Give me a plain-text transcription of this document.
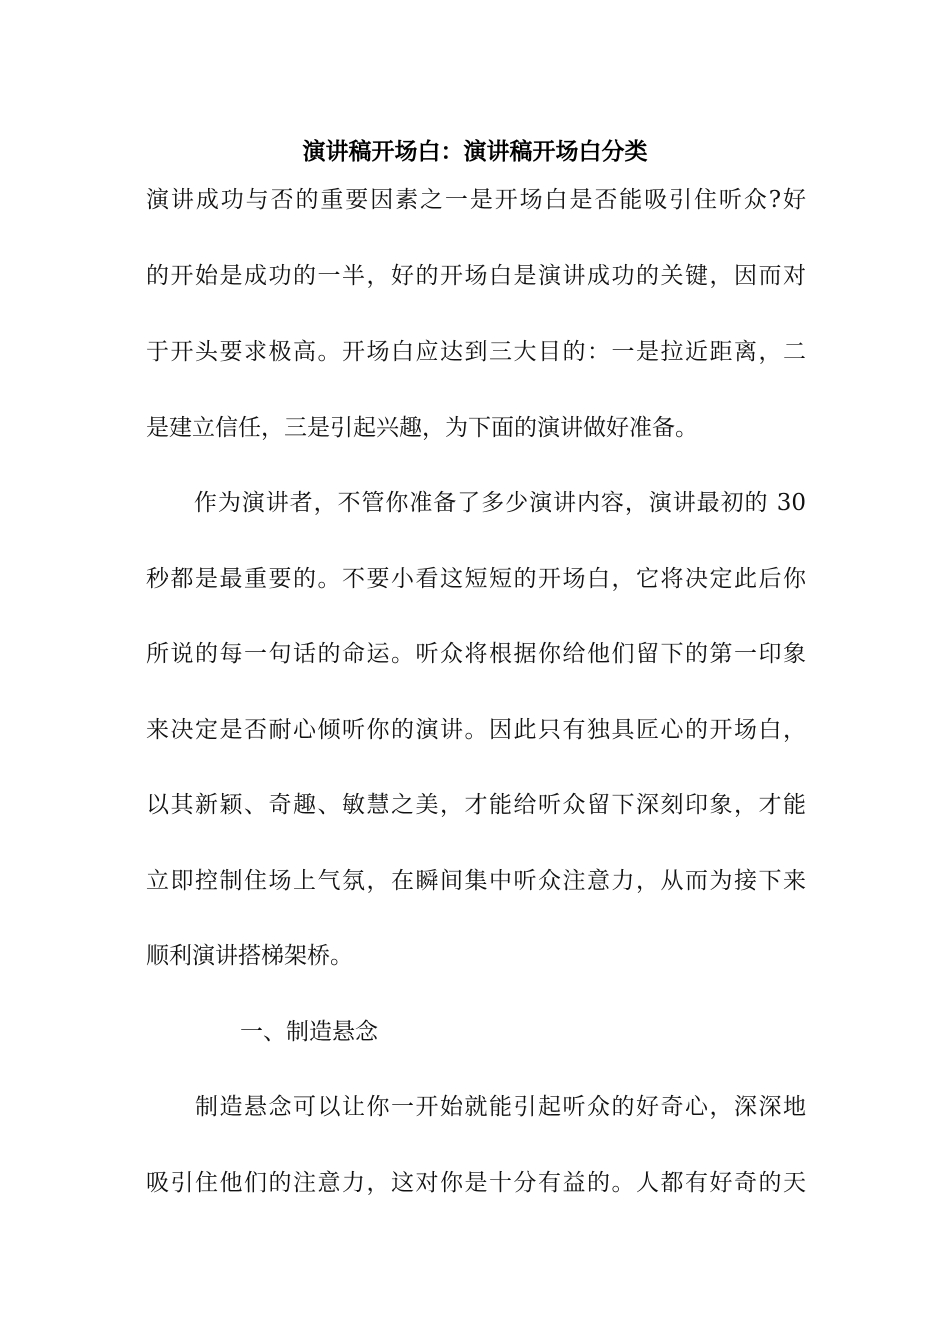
演讲稿开场白：演讲稿开场白分类

演讲成功与否的重要因素之一是开场白是否能吸引住听众?好

的开始是成功的一半，好的开场白是演讲成功的关键，因而对

于开头要求极高。开场白应达到三大目的：一是拉近距离，二

是建立信任，三是引起兴趣，为下面的演讲做好准备。

　　作为演讲者，不管你准备了多少演讲内容，演讲最初的 30

秒都是最重要的。不要小看这短短的开场白，它将决定此后你

所说的每一句话的命运。听众将根据你给他们留下的第一印象

来决定是否耐心倾听你的演讲。因此只有独具匠心的开场白，

以其新颖、奇趣、敏慧之美，才能给听众留下深刻印象，才能

立即控制住场上气氛，在瞬间集中听众注意力，从而为接下来

顺利演讲搭梯架桥。

一、制造悬念

　　制造悬念可以让你一开始就能引起听众的好奇心，深深地

吸引住他们的注意力，这对你是十分有益的。人都有好奇的天
